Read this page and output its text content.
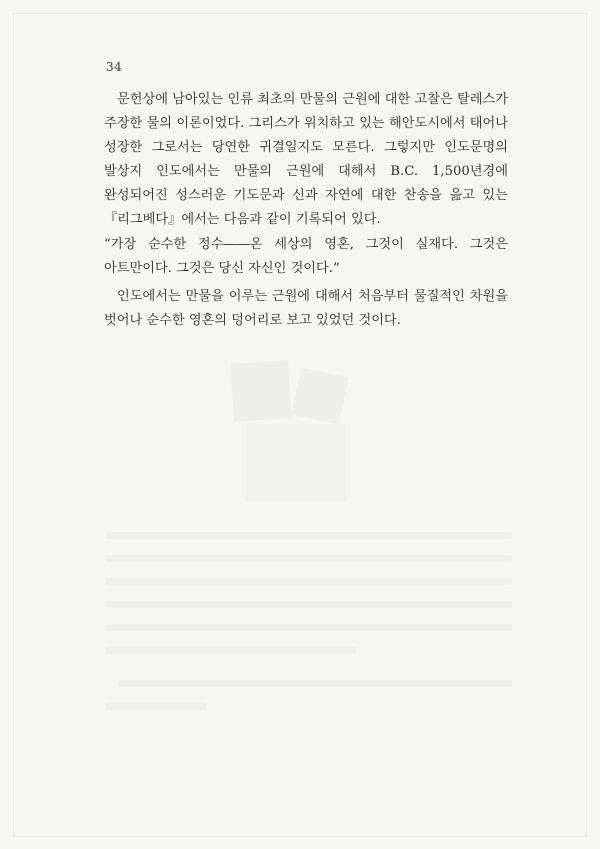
34

문헌상에 남아있는 인류 최초의 만물의 근원에 대한 고찰은 탈레스가 주장한 물의 이론이었다. 그리스가 위치하고 있는 해안도시에서 태어나 성장한 그로서는 당연한 귀결일지도 모른다. 그렇지만 인도문명의 발상지 인도에서는 만물의 근원에 대해서 B.C. 1,500년경에 완성되어진 성스러운 기도문과 신과 자연에 대한 찬송을 읊고 있는『리그베다』에서는 다음과 같이 기록되어 있다.

“가장 순수한 정수――온 세상의 영혼, 그것이 실재다. 그것은 아트만이다. 그것은 당신 자신인 것이다.”

인도에서는 만물을 이루는 근원에 대해서 처음부터 물질적인 차원을 벗어나 순수한 영혼의 덩어리로 보고 있었던 것이다.
